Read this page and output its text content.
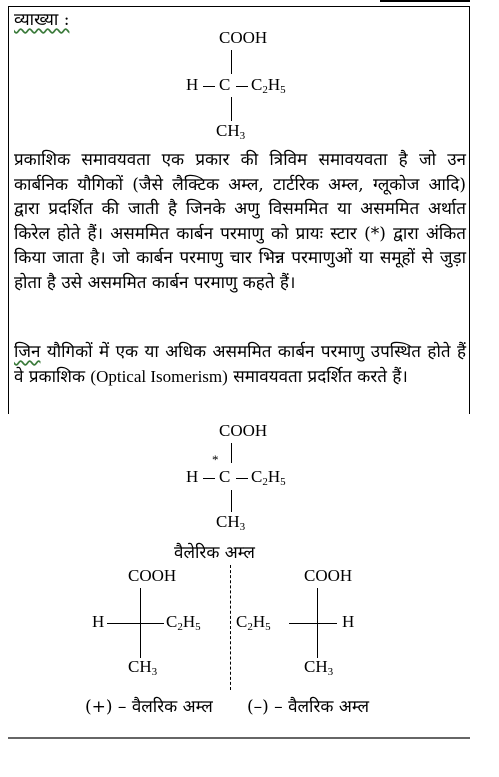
व्याख्या :
COOH
H C $C_2H_5$
$CH_3$
प्रकाशिक समावयवता एक प्रकार की त्रिविम समावयवता है जो उन कार्बनिक यौगिकों (जैसे लैक्टिक अम्ल, टार्टरिक अम्ल, ग्लूकोज आदि) द्वारा प्रदर्शित की जाती है जिनके अणु विसममित या असममित अर्थात किरेल होते हैं। असममित कार्बन परमाणु को प्रायः स्टार (*) द्वारा अंकित किया जाता है। जो कार्बन परमाणु चार भिन्न परमाणुओं या समूहों से जुड़ा होता है उसे असममित कार्बन परमाणु कहते हैं।
जिन यौगिकों में एक या अधिक असममित कार्बन परमाणु उपस्थित होते हैं वे प्रकाशिक (Optical Isomerism) समावयवता प्रदर्शित करते हैं।
COOH
*
H C $C_2H_5$
$CH_3$
वैलेरिक अम्ल
COOH
H	$C_2H_5$
$CH_3$
(+) – वैलरिक अम्ल
COOH
$C_2H_5$	H
$CH_3$
(–) – वैलरिक अम्ल
